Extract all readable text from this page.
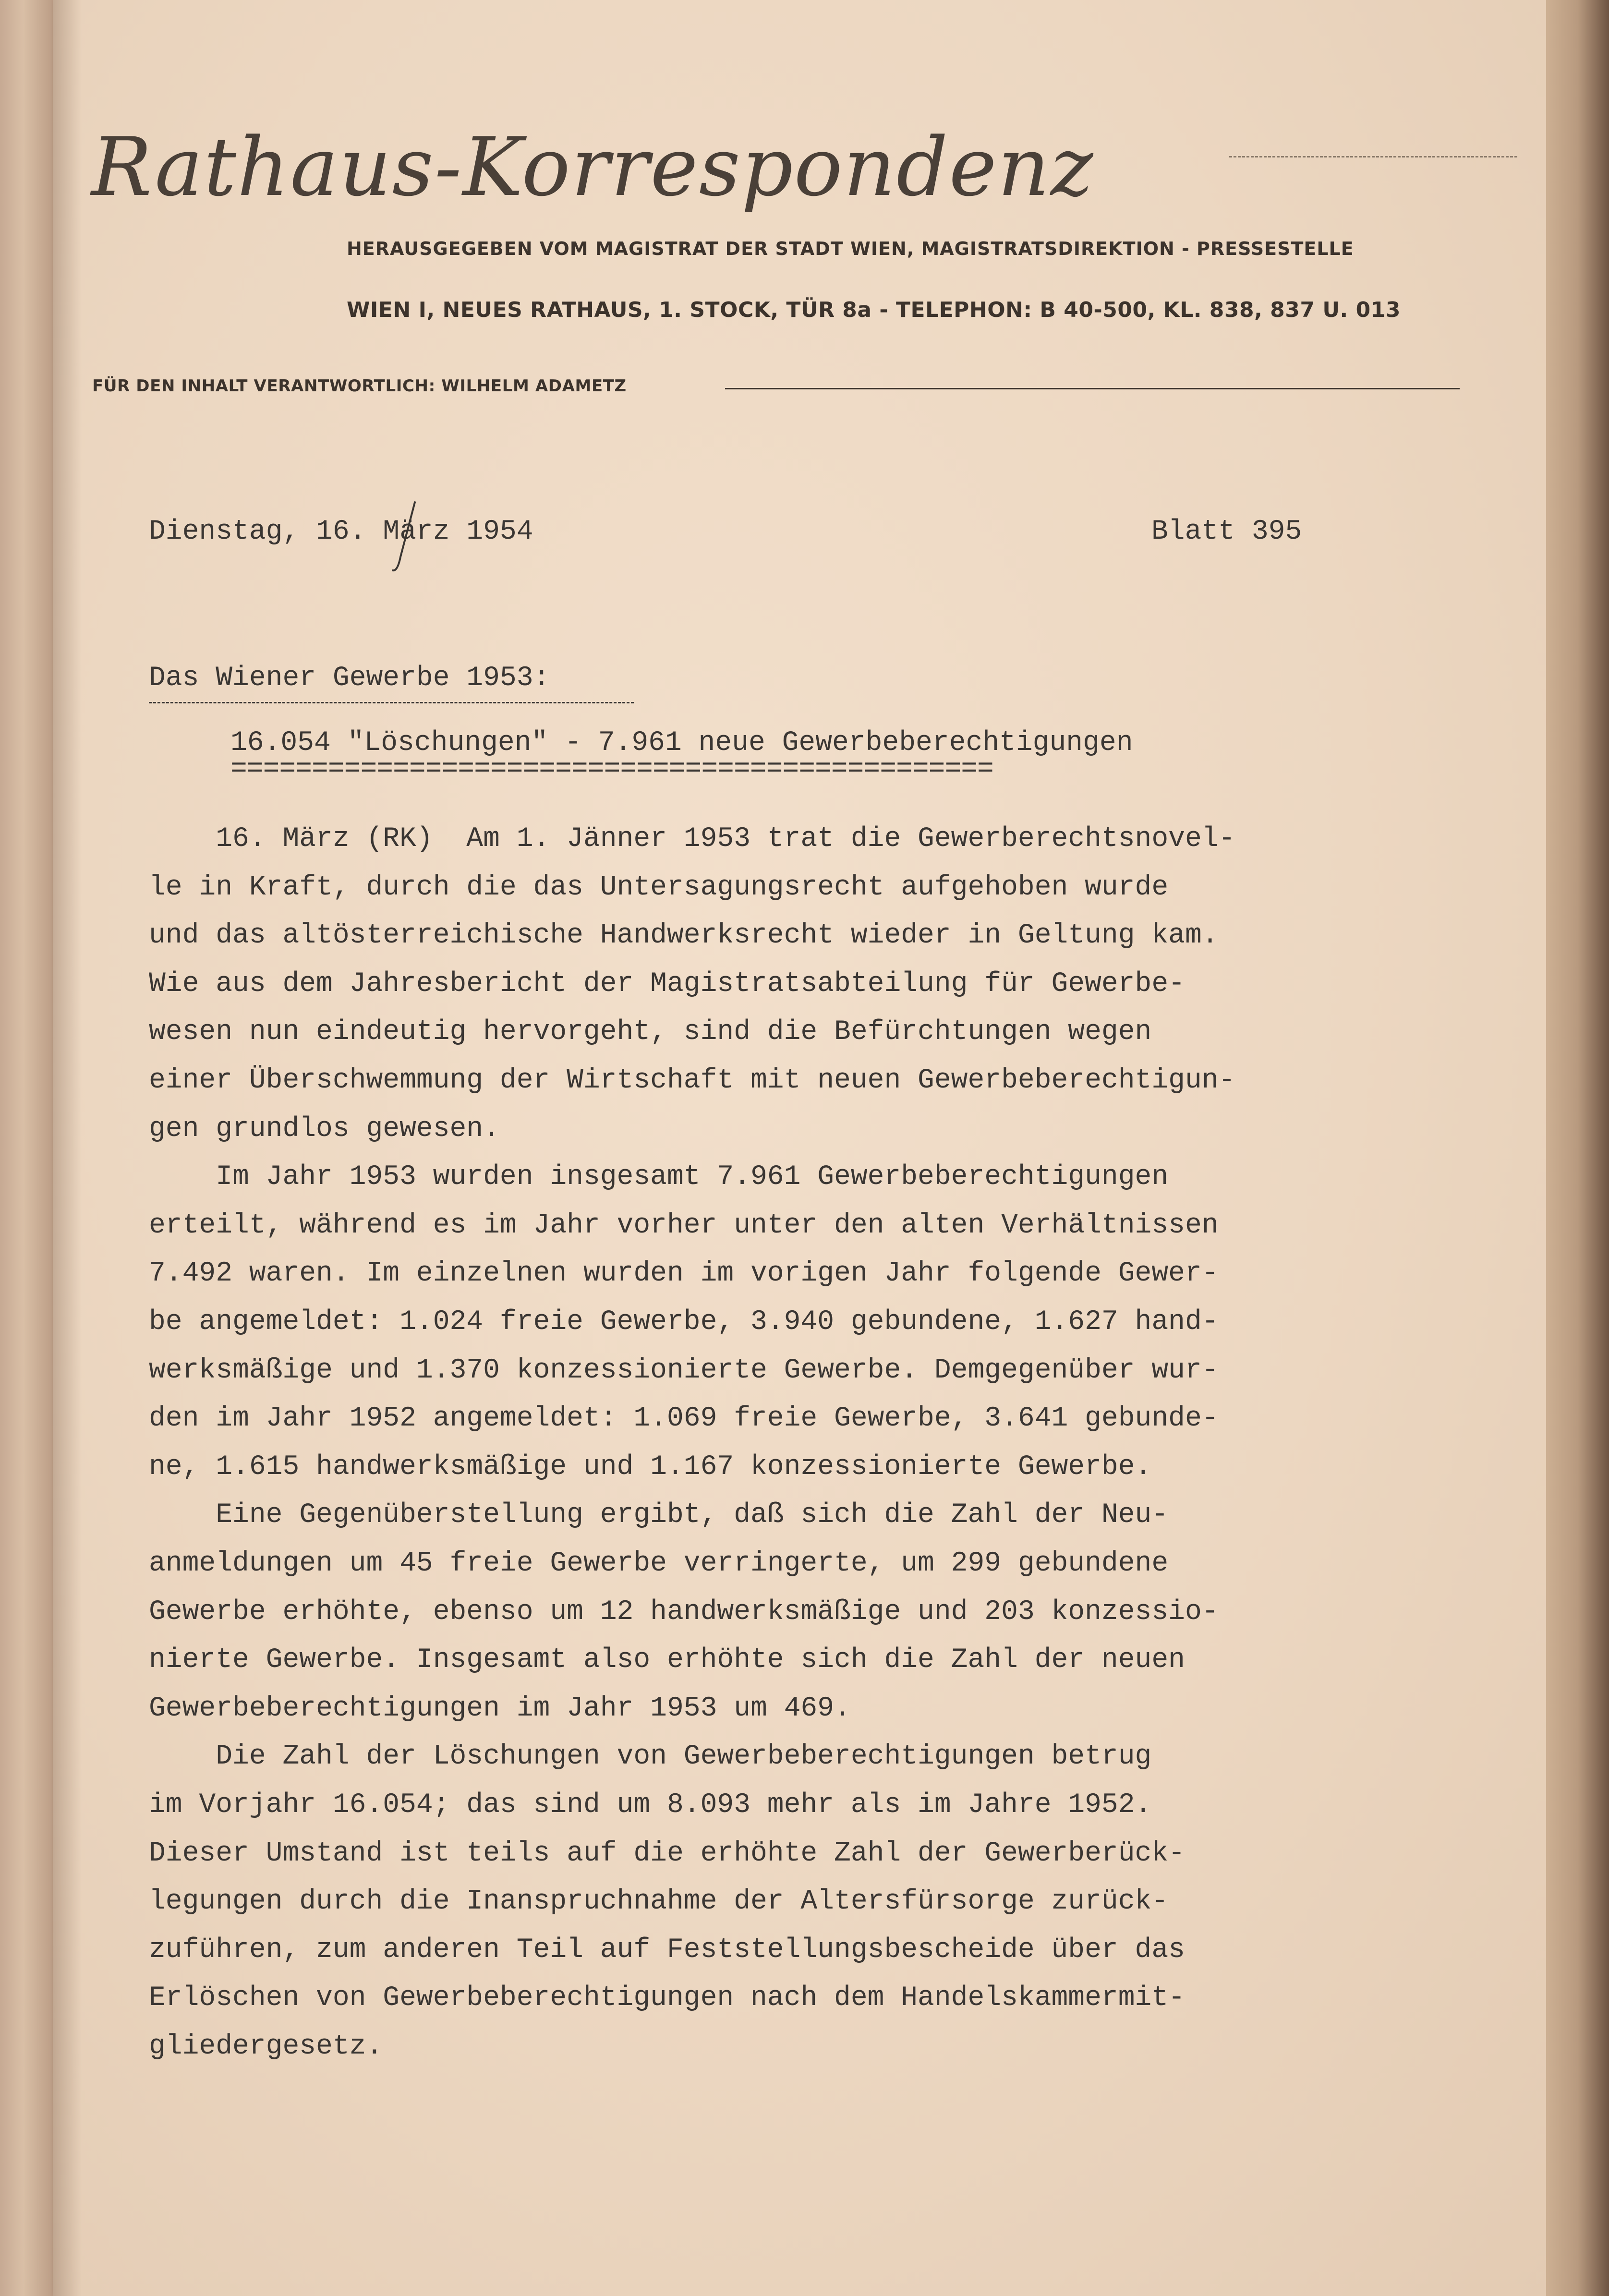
Rathaus-Korrespondenz
HERAUSGEGEBEN VOM MAGISTRAT DER STADT WIEN, MAGISTRATSDIREKTION - PRESSESTELLE
WIEN I, NEUES RATHAUS, 1. STOCK, TÜR 8a - TELEPHON: B 40-500, KL. 838, 837 U. 013
FÜR DEN INHALT VERANTWORTLICH: WILHELM ADAMETZ
Dienstag, 16. März 1954	Blatt 395
Das Wiener Gewerbe 1953:
16.054 "Löschungen" - 7.961 neue Gewerbeberechtigungen
===============================================
16. März (RK)  Am 1. Jänner 1953 trat die Gewerberechtsnovel-
le in Kraft, durch die das Untersagungsrecht aufgehoben wurde
und das altösterreichische Handwerksrecht wieder in Geltung kam.
Wie aus dem Jahresbericht der Magistratsabteilung für Gewerbe-
wesen nun eindeutig hervorgeht, sind die Befürchtungen wegen
einer Überschwemmung der Wirtschaft mit neuen Gewerbeberechtigun-
gen grundlos gewesen.
Im Jahr 1953 wurden insgesamt 7.961 Gewerbeberechtigungen
erteilt, während es im Jahr vorher unter den alten Verhältnissen
7.492 waren. Im einzelnen wurden im vorigen Jahr folgende Gewer-
be angemeldet: 1.024 freie Gewerbe, 3.940 gebundene, 1.627 hand-
werksmäßige und 1.370 konzessionierte Gewerbe. Demgegenüber wur-
den im Jahr 1952 angemeldet: 1.069 freie Gewerbe, 3.641 gebunde-
ne, 1.615 handwerksmäßige und 1.167 konzessionierte Gewerbe.
Eine Gegenüberstellung ergibt, daß sich die Zahl der Neu-
anmeldungen um 45 freie Gewerbe verringerte, um 299 gebundene
Gewerbe erhöhte, ebenso um 12 handwerksmäßige und 203 konzessio-
nierte Gewerbe. Insgesamt also erhöhte sich die Zahl der neuen
Gewerbeberechtigungen im Jahr 1953 um 469.
Die Zahl der Löschungen von Gewerbeberechtigungen betrug
im Vorjahr 16.054; das sind um 8.093 mehr als im Jahre 1952.
Dieser Umstand ist teils auf die erhöhte Zahl der Gewerberück-
legungen durch die Inanspruchnahme der Altersfürsorge zurück-
zuführen, zum anderen Teil auf Feststellungsbescheide über das
Erlöschen von Gewerbeberechtigungen nach dem Handelskammermit-
gliedergesetz.
